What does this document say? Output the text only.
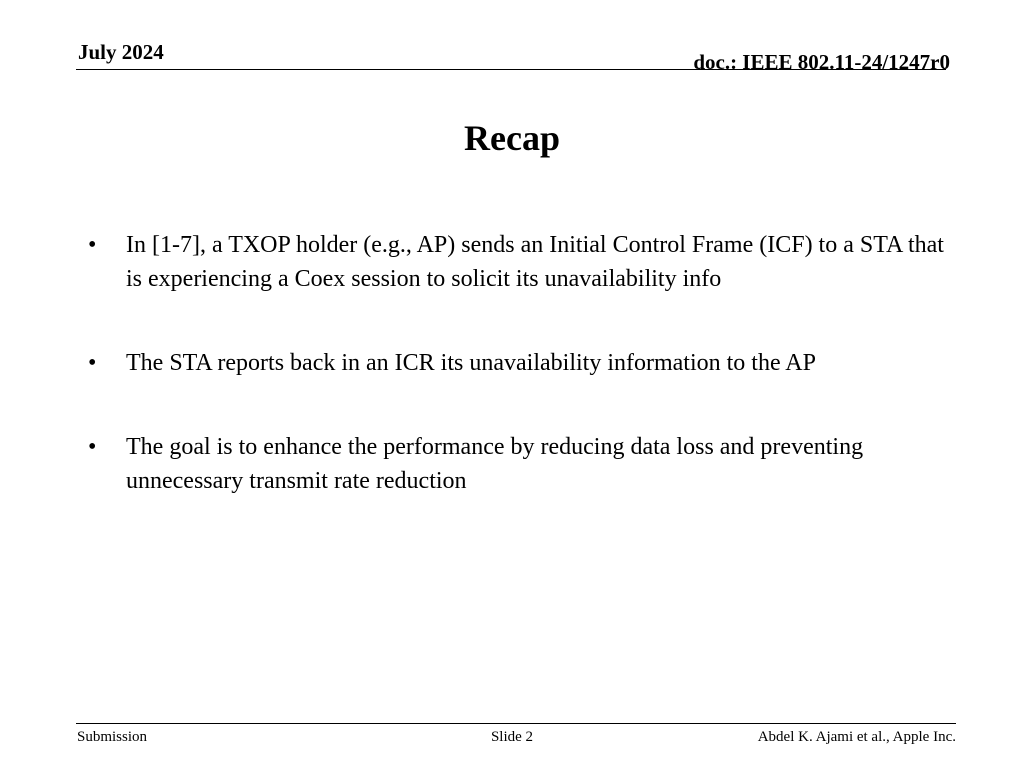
July 2024	doc.: IEEE 802.11-24/1247r0
Recap
• In [1-7], a TXOP holder (e.g., AP) sends an Initial Control Frame (ICF) to a STA that is experiencing a Coex session to solicit its unavailability info
• The STA reports back in an ICR its unavailability information to the AP
• The goal is to enhance the performance by reducing data loss and preventing unnecessary transmit rate reduction
Submission	Slide 2	Abdel K. Ajami et al., Apple Inc.
